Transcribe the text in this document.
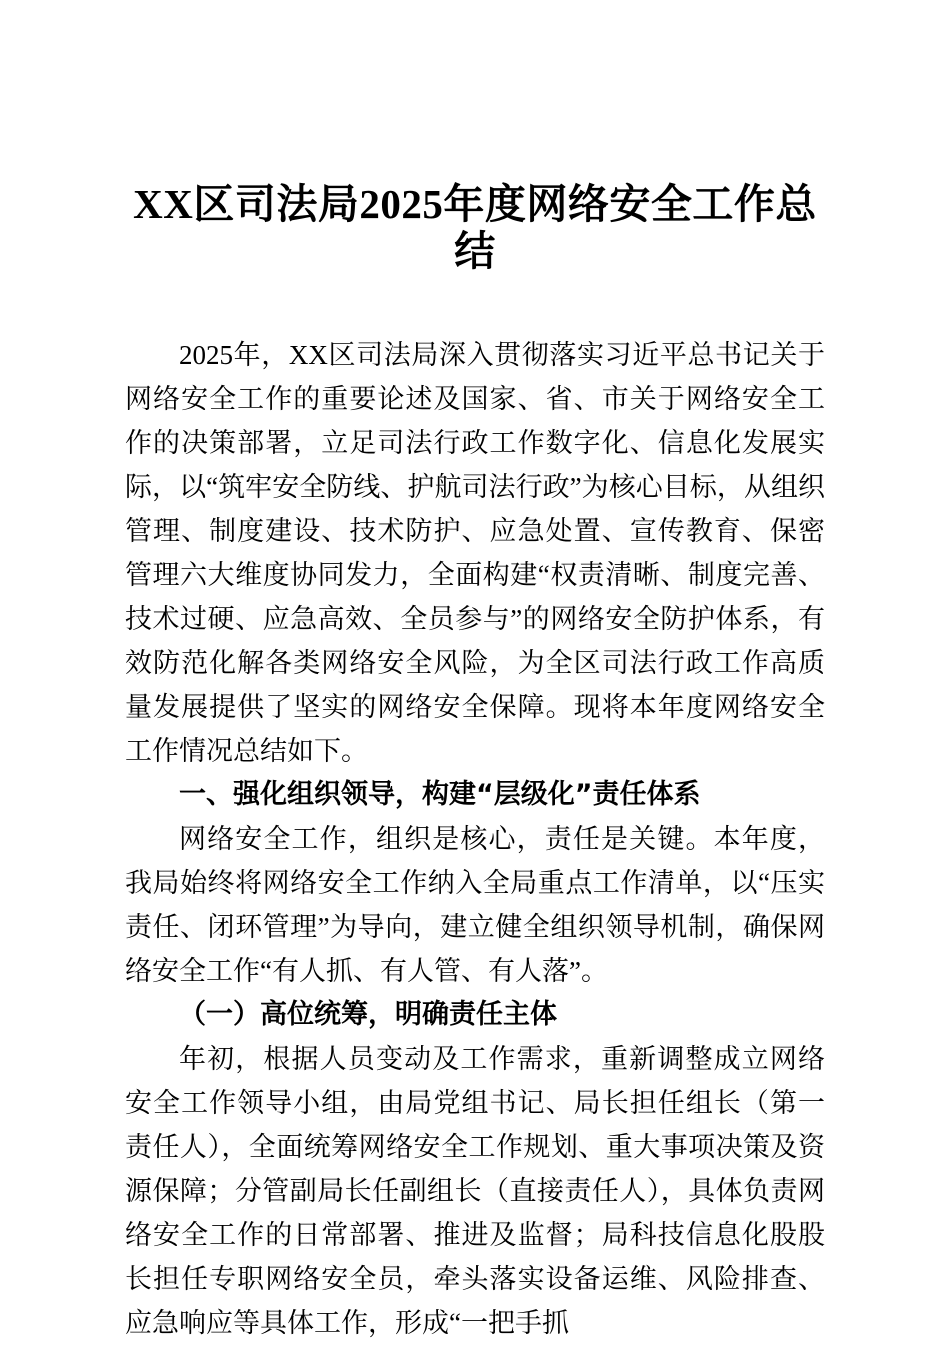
XX区司法局2025年度网络安全工作总结

2025年，XX区司法局深入贯彻落实习近平总书记关于网络安全工作的重要论述及国家、省、市关于网络安全工作的决策部署，立足司法行政工作数字化、信息化发展实际，以“筑牢安全防线、护航司法行政”为核心目标，从组织管理、制度建设、技术防护、应急处置、宣传教育、保密管理六大维度协同发力，全面构建“权责清晰、制度完善、技术过硬、应急高效、全员参与”的网络安全防护体系，有效防范化解各类网络安全风险，为全区司法行政工作高质量发展提供了坚实的网络安全保障。现将本年度网络安全工作情况总结如下。

一、强化组织领导，构建“层级化”责任体系

网络安全工作，组织是核心，责任是关键。本年度，我局始终将网络安全工作纳入全局重点工作清单，以“压实责任、闭环管理”为导向，建立健全组织领导机制，确保网络安全工作“有人抓、有人管、有人落”。

（一）高位统筹，明确责任主体

年初，根据人员变动及工作需求，重新调整成立网络安全工作领导小组，由局党组书记、局长担任组长（第一责任人），全面统筹网络安全工作规划、重大事项决策及资源保障；分管副局长任副组长（直接责任人），具体负责网络安全工作的日常部署、推进及监督；局科技信息化股股长担任专职网络安全员，牵头落实设备运维、风险排查、应急响应等具体工作，形成“一把手抓
